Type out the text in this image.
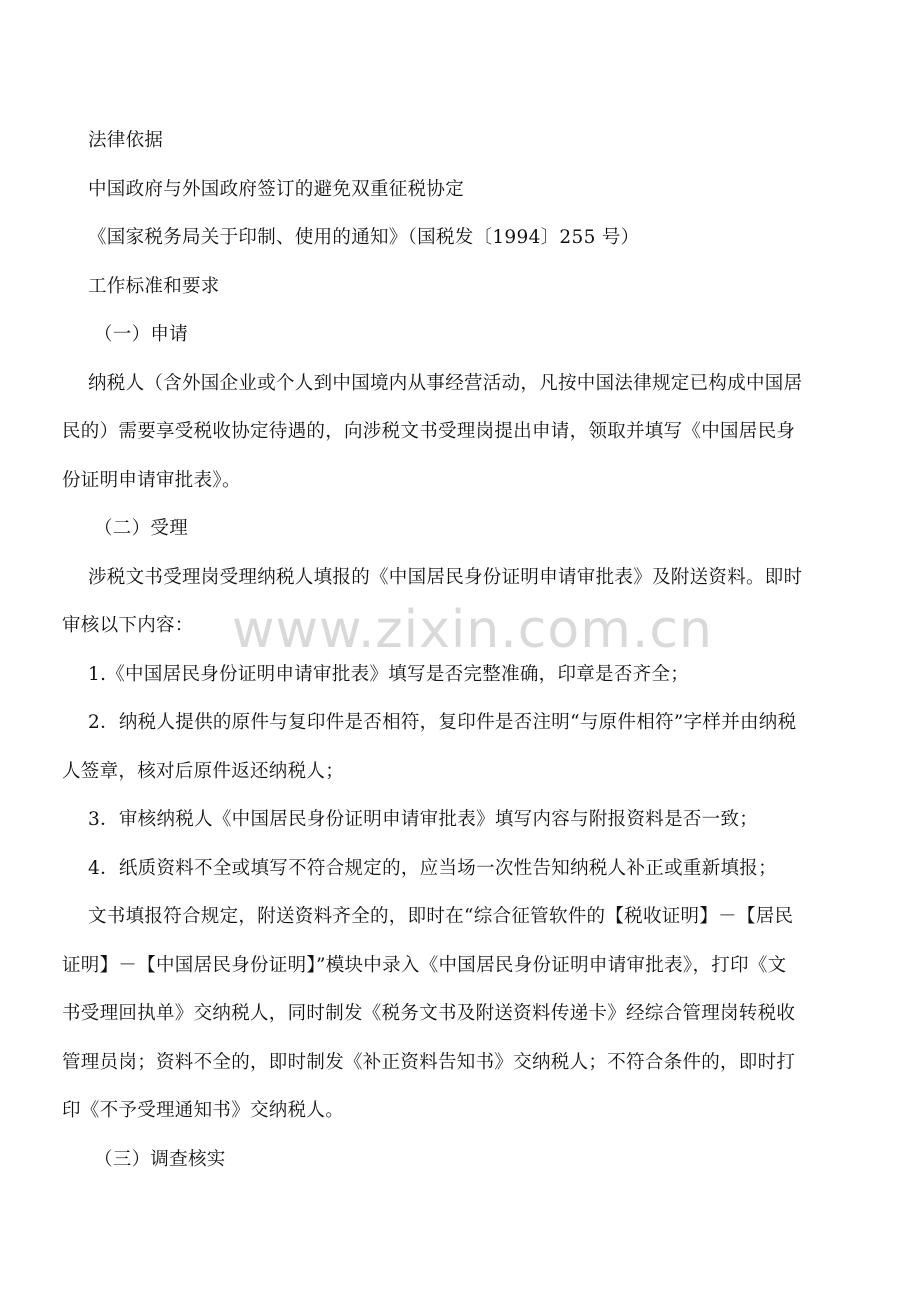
法律依据
中国政府与外国政府签订的避免双重征税协定
《国家税务局关于印制、使用的通知》（国税发〔1994〕255 号）
工作标准和要求
（一）申请
纳税人（含外国企业或个人到中国境内从事经营活动，凡按中国法律规定已构成中国居
民的）需要享受税收协定待遇的，向涉税文书受理岗提出申请，领取并填写《中国居民身
份证明申请审批表》。
（二）受理
涉税文书受理岗受理纳税人填报的《中国居民身份证明申请审批表》及附送资料。即时
审核以下内容：
1.《中国居民身份证明申请审批表》填写是否完整准确，印章是否齐全；
2．纳税人提供的原件与复印件是否相符，复印件是否注明“与原件相符”字样并由纳税
人签章，核对后原件返还纳税人；
3．审核纳税人《中国居民身份证明申请审批表》填写内容与附报资料是否一致；
4．纸质资料不全或填写不符合规定的，应当场一次性告知纳税人补正或重新填报；
文书填报符合规定，附送资料齐全的，即时在“综合征管软件的【税收证明】－【居民
证明】－【中国居民身份证明】”模块中录入《中国居民身份证明申请审批表》，打印《文
书受理回执单》交纳税人，同时制发《税务文书及附送资料传递卡》经综合管理岗转税收
管理员岗；资料不全的，即时制发《补正资料告知书》交纳税人；不符合条件的，即时打
印《不予受理通知书》交纳税人。
（三）调查核实
www.zixin.com.cn
